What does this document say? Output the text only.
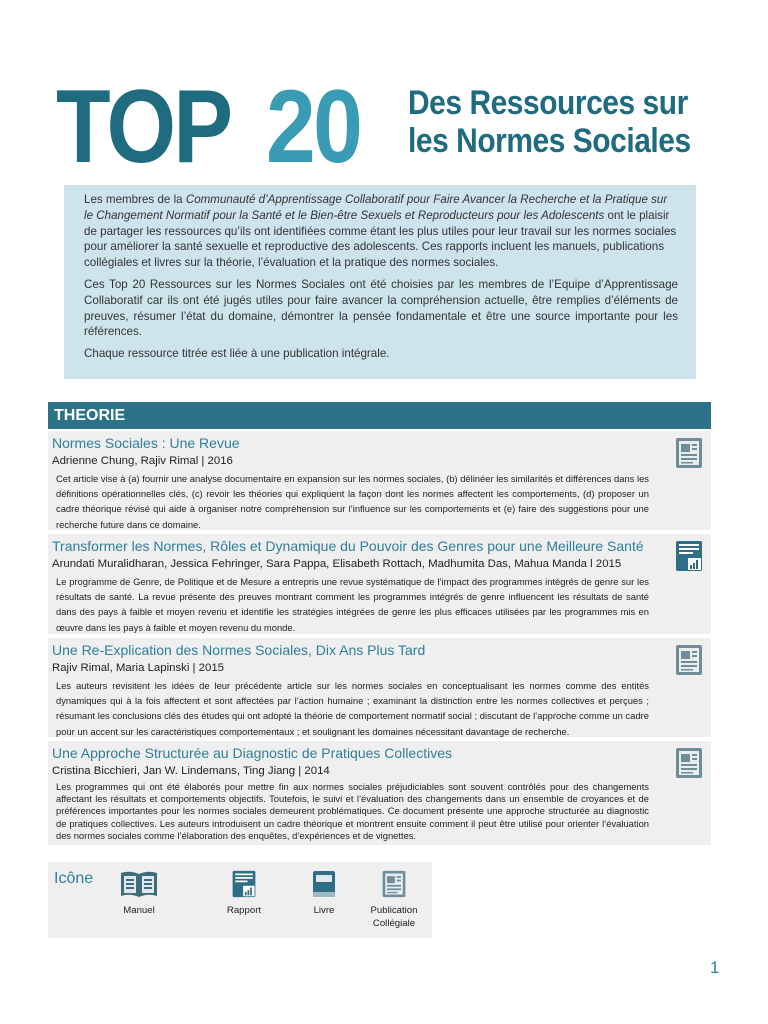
TOP 20 Des Ressources sur
les Normes Sociales

Les membres de la Communauté d’Apprentissage Collaboratif pour Faire Avancer la Recherche et la Pratique sur le Changement Normatif pour la Santé et le Bien-être Sexuels et Reproducteurs pour les Adolescents ont le plaisir de partager les ressources qu’ils ont identifiées comme étant les plus utiles pour leur travail sur les normes sociales pour améliorer la santé sexuelle et reproductive des adolescents. Ces rapports incluent les manuels, publications collégiales et livres sur la théorie, l’évaluation et la pratique des normes sociales.

Ces Top 20 Ressources sur les Normes Sociales ont été choisies par les membres de l’Equipe d’Apprentissage Collaboratif car ils ont été jugés utiles pour faire avancer la compréhension actuelle, être remplies d’éléments de preuves, résumer l’état du domaine, démontrer la pensée fondamentale et être une source importante pour les références.

Chaque ressource titrée est liée à une publication intégrale.

THEORIE
Normes Sociales : Une Revue
Adrienne Chung, Rajiv Rimal | 2016
Cet article vise à (a) fournir une analyse documentaire en expansion sur les normes sociales, (b) délinéer les similarités et différences dans les définitions opérationnelles clés, (c) revoir les théories qui expliquent la façon dont les normes affectent les comportements, (d) proposer un cadre théorique révisé qui aide à organiser notre compréhension sur l’influence sur les comportements et (e) faire des suggestions pour une recherche future dans ce domaine.
Transformer les Normes, Rôles et Dynamique du Pouvoir des Genres pour une Meilleure Santé
Arundati Muralidharan, Jessica Fehringer, Sara Pappa, Elisabeth Rottach, Madhumita Das, Mahua Manda l 2015
Le programme de Genre, de Politique et de Mesure a entrepris une revue systématique de l’impact des programmes intégrés de genre sur les résultats de santé. La revue présente des preuves montrant comment les programmes intégrés de genre influencent les résultats de santé dans des pays à faible et moyen revenu et identifie les stratégies intégrées de genre les plus efficaces utilisées par les programmes mis en œuvre dans les pays à faible et moyen revenu du monde.
Une Re-Explication des Normes Sociales, Dix Ans Plus Tard
Rajiv Rimal, Maria Lapinski | 2015
Les auteurs revisitent les idées de leur précédente article sur les normes sociales en conceptualisant les normes comme des entités dynamiques qui à la fois affectent et sont affectées par l’action humaine ; examinant la distinction entre les normes collectives et perçues ; résumant les conclusions clés des études qui ont adopté la théorie de comportement normatif social ; discutant de l’approche comme un cadre pour un accent sur les caractéristiques comportementaux ; et soulignant les domaines nécessitant davantage de recherche.
Une Approche Structurée au Diagnostic de Pratiques Collectives
Cristina Bicchieri, Jan W. Lindemans, Ting Jiang | 2014
Les programmes qui ont été élaborés pour mettre fin aux normes sociales préjudiciables sont souvent contrôlés pour des changements affectant les résultats et comportements objectifs. Toutefois, le suivi et l’évaluation des changements dans un ensemble de croyances et de préférences importantes pour les normes sociales demeurent problématiques. Ce document présente une approche structurée au diagnostic de pratiques collectives. Les auteurs introduisent un cadre théorique et montrent ensuite comment il peut être utilisé pour orienter l’évaluation des normes sociales comme l’élaboration des enquêtes, d’expériences et de vignettes.
Icône
Manuel	Rapport	Livre	Publication Collégiale
1
